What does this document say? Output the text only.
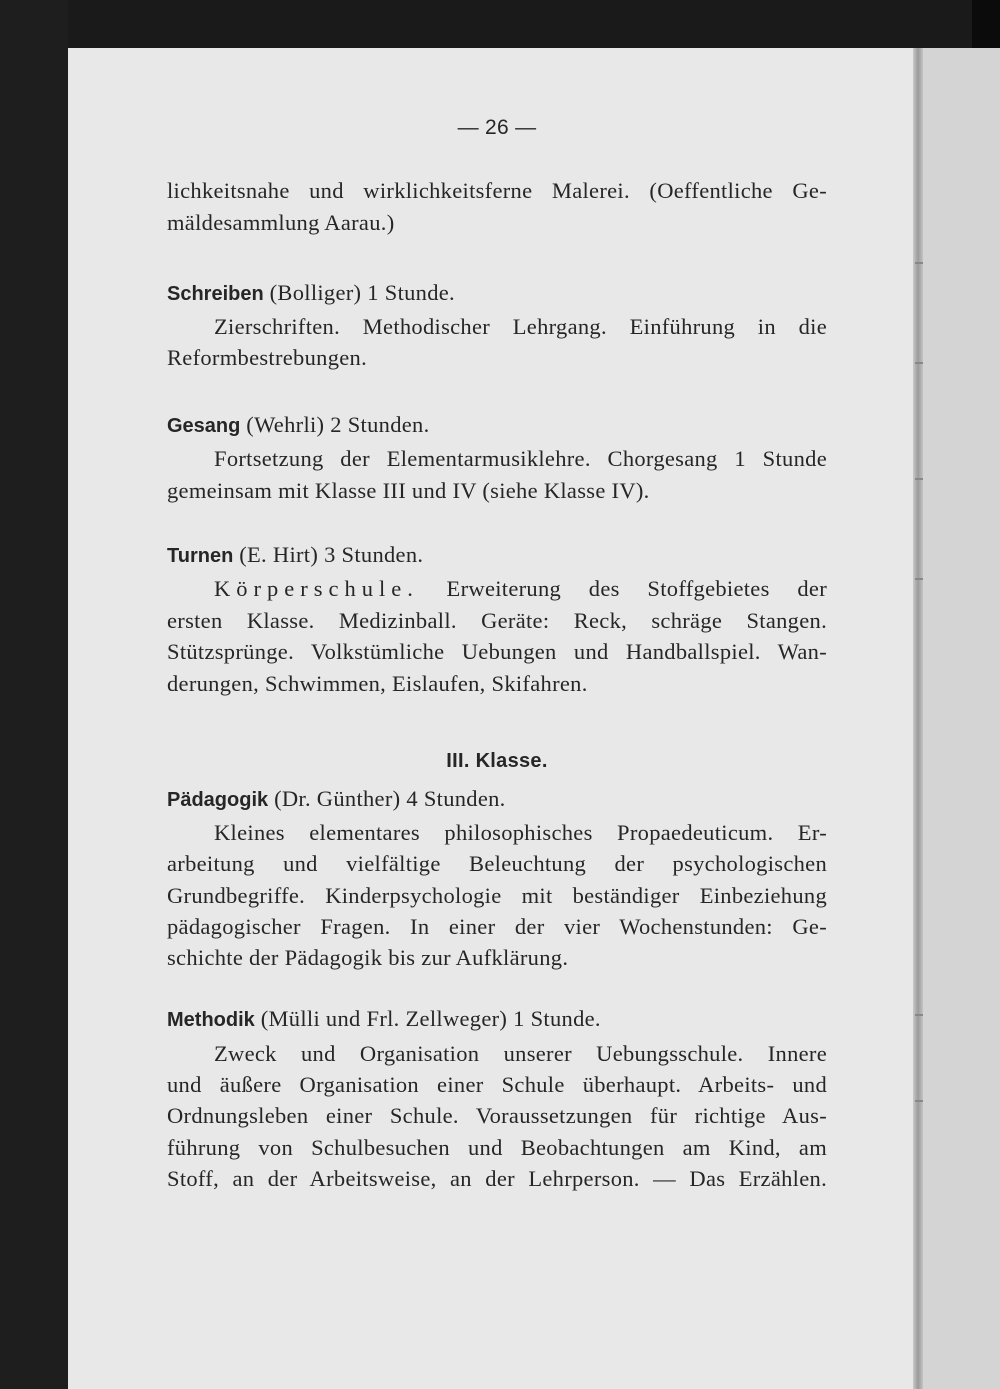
— 26 —
lichkeitsnahe und wirklichkeitsferne Malerei. (Oeffentliche Ge-
mäldesammlung Aarau.)
Schreiben (Bolliger) 1 Stunde.
Zierschriften. Methodischer Lehrgang. Einführung in die
Reformbestrebungen.
Gesang (Wehrli) 2 Stunden.
Fortsetzung der Elementarmusiklehre. Chorgesang 1 Stunde
gemeinsam mit Klasse III und IV (siehe Klasse IV).
Turnen (E. Hirt) 3 Stunden.
Körperschule. Erweiterung des Stoffgebietes der
ersten Klasse. Medizinball. Geräte: Reck, schräge Stangen.
Stützsprünge. Volkstümliche Uebungen und Handballspiel. Wan-
derungen, Schwimmen, Eislaufen, Skifahren.
III. Klasse.
Pädagogik (Dr. Günther) 4 Stunden.
Kleines elementares philosophisches Propaedeuticum. Er-
arbeitung und vielfältige Beleuchtung der psychologischen
Grundbegriffe. Kinderpsychologie mit beständiger Einbeziehung
pädagogischer Fragen. In einer der vier Wochenstunden: Ge-
schichte der Pädagogik bis zur Aufklärung.
Methodik (Mülli und Frl. Zellweger) 1 Stunde.
Zweck und Organisation unserer Uebungsschule. Innere
und äußere Organisation einer Schule überhaupt. Arbeits- und
Ordnungsleben einer Schule. Voraussetzungen für richtige Aus-
führung von Schulbesuchen und Beobachtungen am Kind, am
Stoff, an der Arbeitsweise, an der Lehrperson. — Das Erzählen.
